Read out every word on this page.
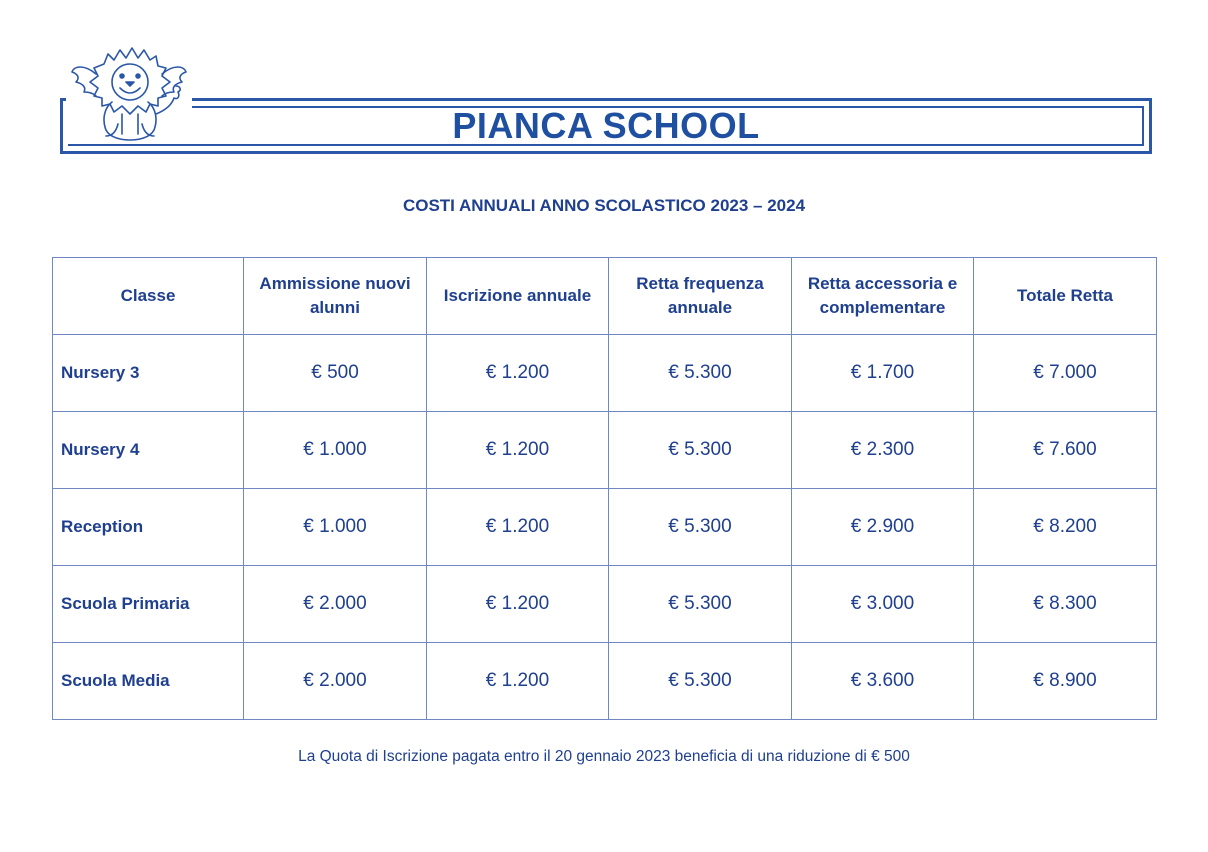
PIANCA SCHOOL
COSTI ANNUALI ANNO SCOLASTICO 2023 – 2024
Classe	Ammissione nuovi alunni	Iscrizione annuale	Retta frequenza annuale	Retta accessoria e complementare	Totale Retta
Nursery 3	€ 500	€ 1.200	€ 5.300	€ 1.700	€ 7.000
Nursery 4	€ 1.000	€ 1.200	€ 5.300	€ 2.300	€ 7.600
Reception	€ 1.000	€ 1.200	€ 5.300	€ 2.900	€ 8.200
Scuola Primaria	€ 2.000	€ 1.200	€ 5.300	€ 3.000	€ 8.300
Scuola Media	€ 2.000	€ 1.200	€ 5.300	€ 3.600	€ 8.900
La Quota di Iscrizione pagata entro il 20 gennaio 2023 beneficia di una riduzione di € 500
